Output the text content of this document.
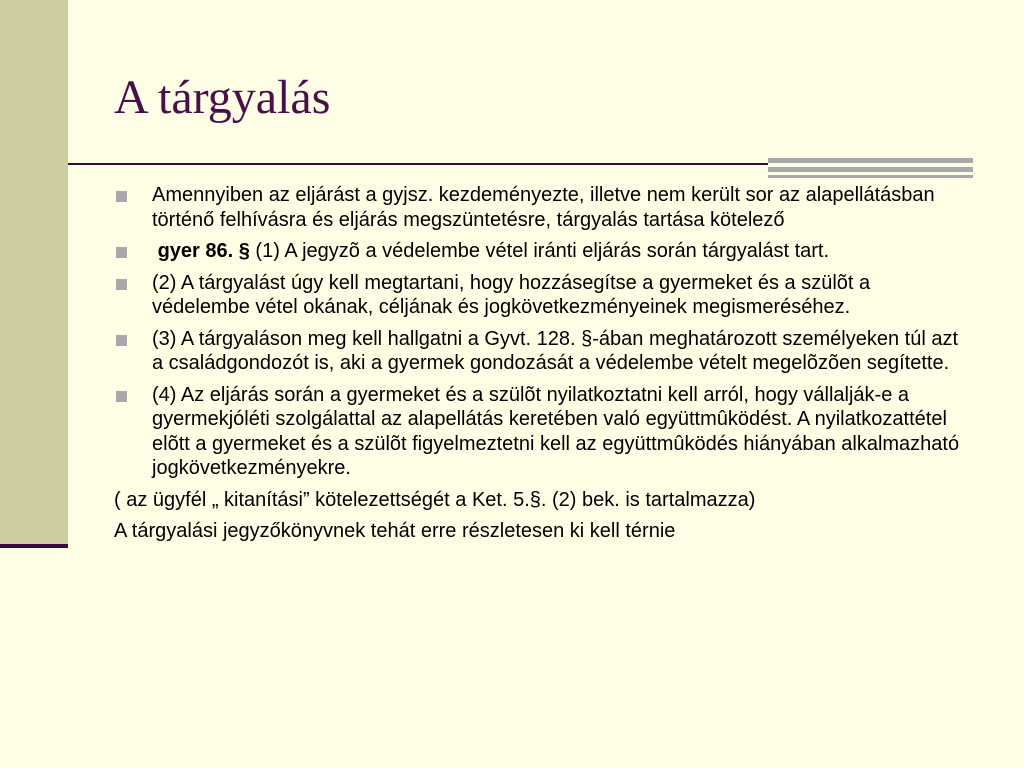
A tárgyalás
Amennyiben az eljárást a gyjsz. kezdeményezte, illetve nem került sor az alapellátásban történő felhívásra és eljárás megszüntetésre, tárgyalás tartása kötelező
gyer 86. § (1) A jegyzõ a védelembe vétel iránti eljárás során tárgyalást tart.
(2) A tárgyalást úgy kell megtartani, hogy hozzásegítse a gyermeket és a szülõt a védelembe vétel okának, céljának és jogkövetkezményeinek megismeréséhez.
(3) A tárgyaláson meg kell hallgatni a Gyvt. 128. §-ában meghatározott személyeken túl azt a családgondozót is, aki a gyermek gondozását a védelembe vételt megelõzõen segítette.
(4) Az eljárás során a gyermeket és a szülõt nyilatkoztatni kell arról, hogy vállalják-e a gyermekjóléti szolgálattal az alapellátás keretében való együttmûködést. A nyilatkozattétel elõtt a gyermeket és a szülõt figyelmeztetni kell az együttmûködés hiányában alkalmazható jogkövetkezményekre.
( az ügyfél „ kitanítási” kötelezettségét a Ket. 5.§. (2) bek. is tartalmazza)
A tárgyalási jegyzőkönyvnek tehát erre részletesen ki kell térnie
